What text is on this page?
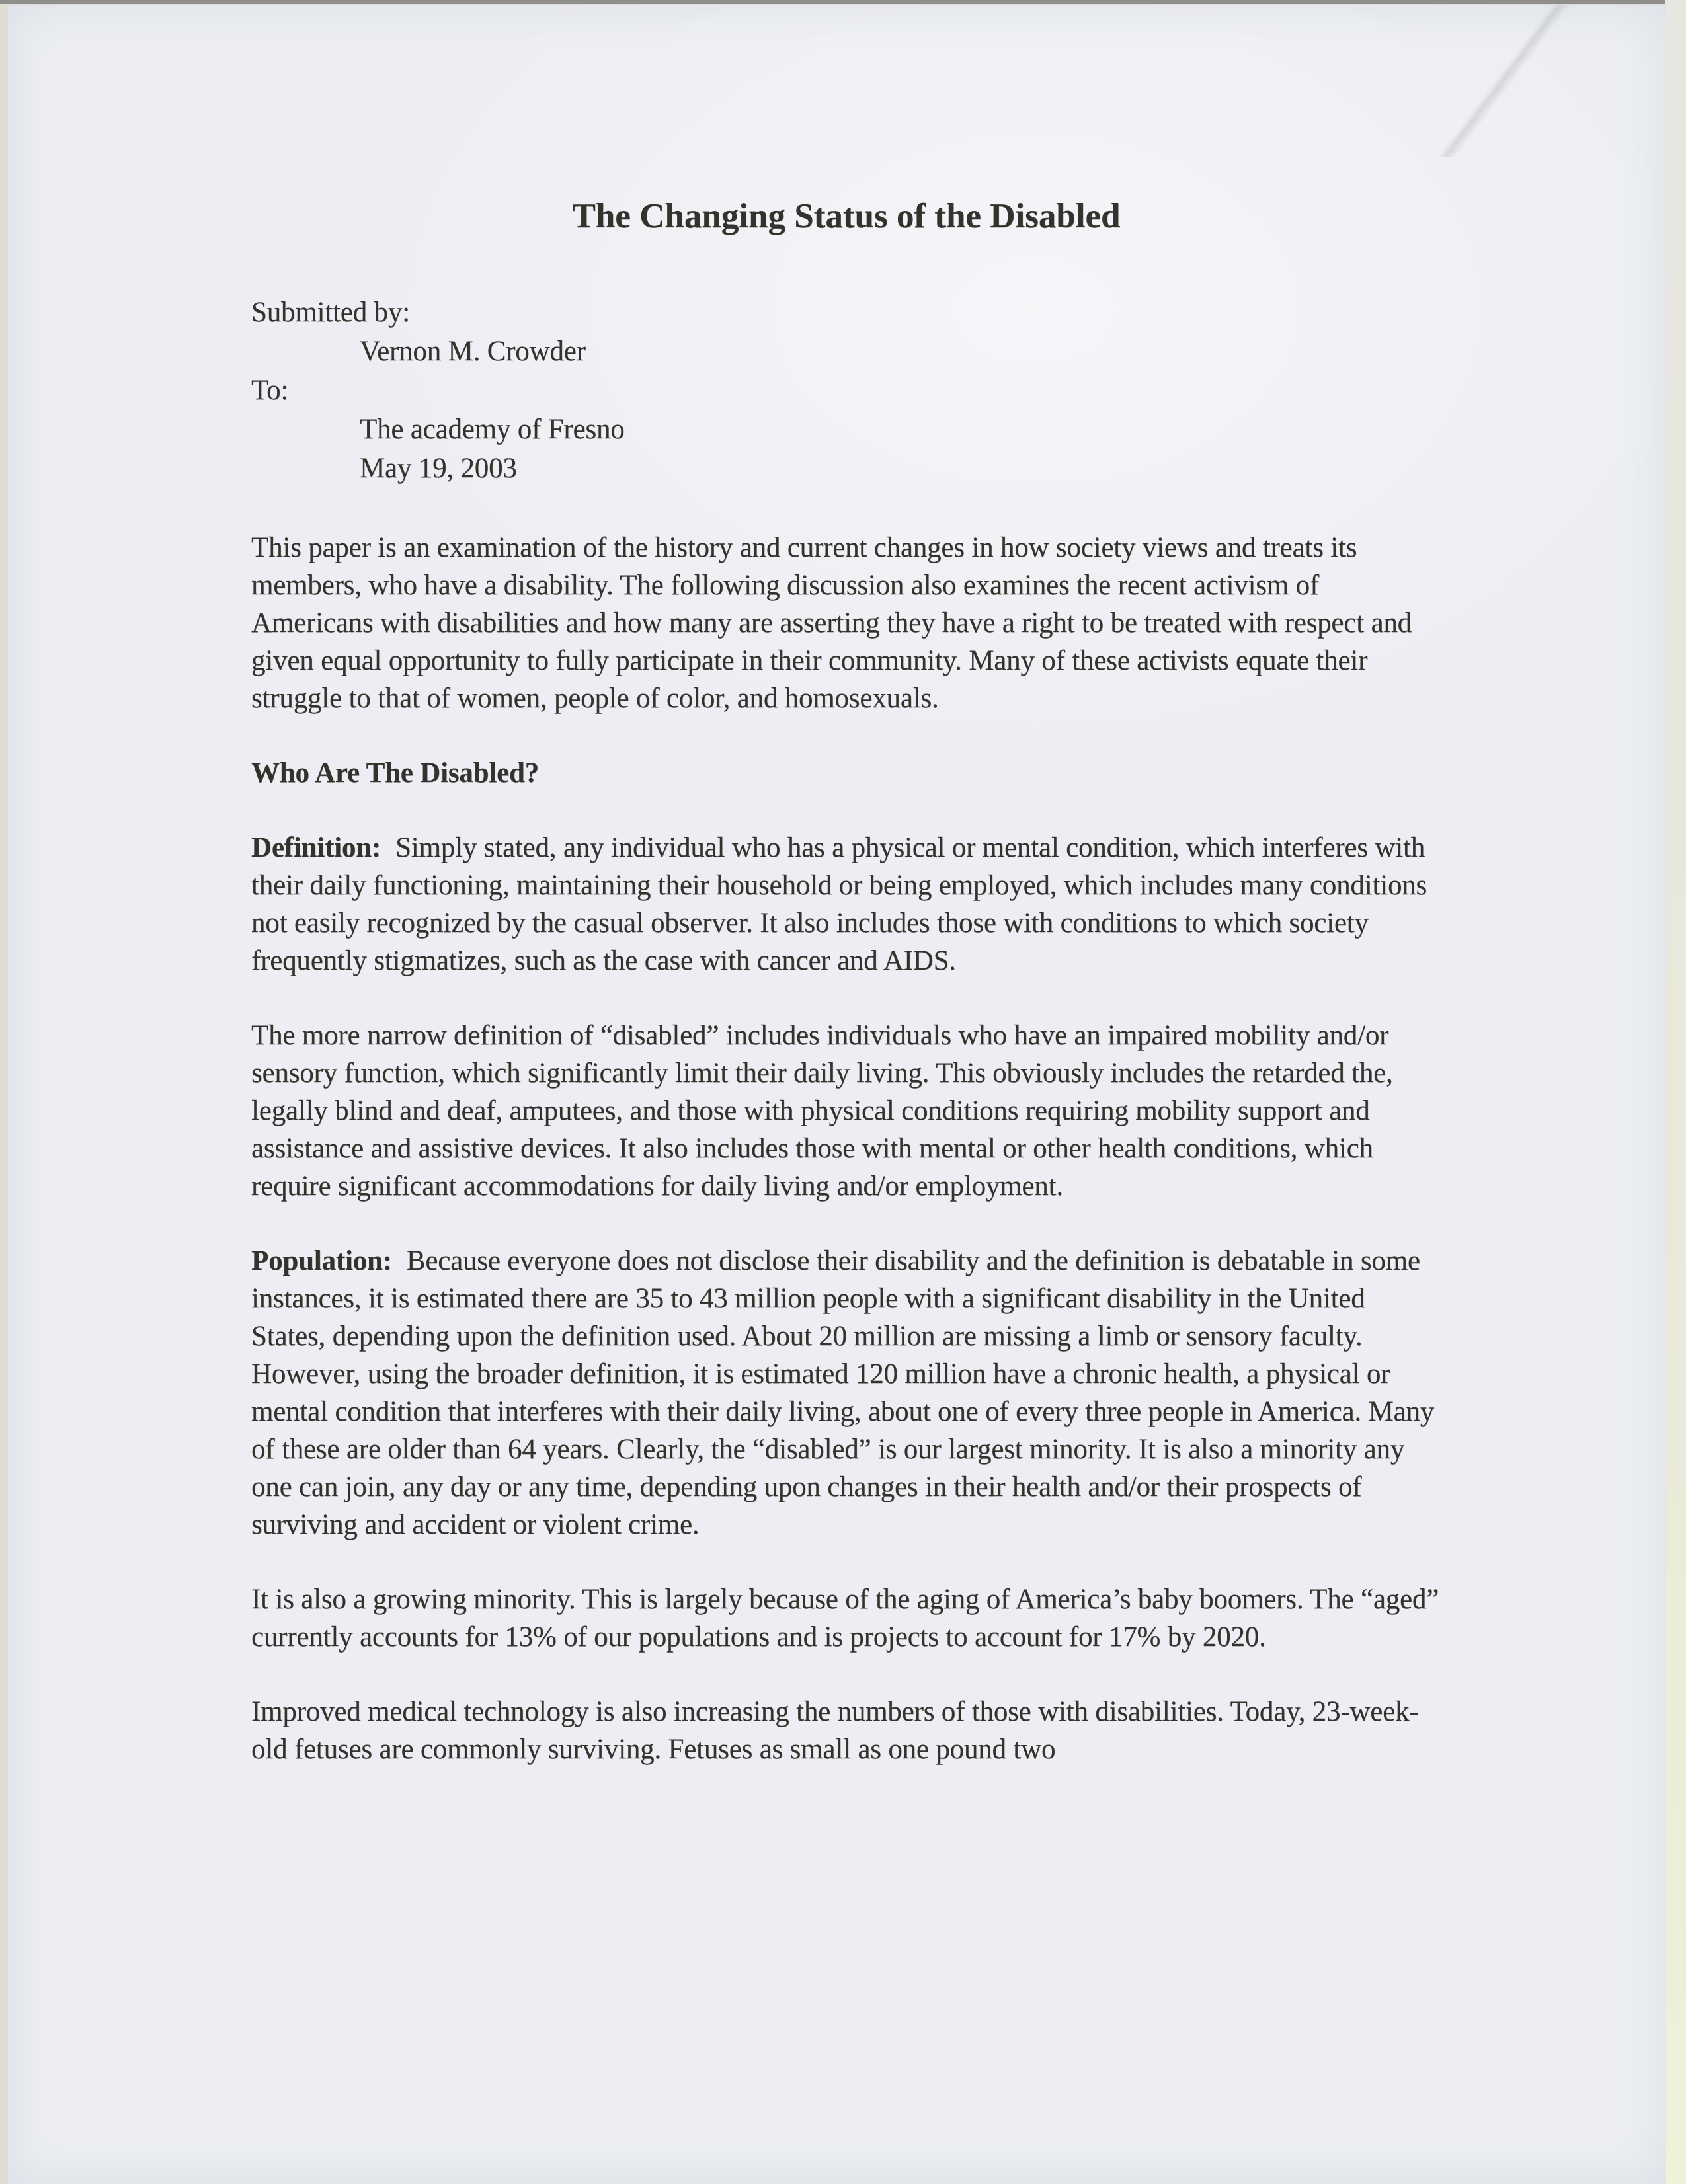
The Changing Status of the Disabled
Submitted by:
Vernon M. Crowder
To:
The academy of Fresno
May 19, 2003

This paper is an examination of the history and current changes in how society views and treats its members, who have a disability. The following discussion also examines the recent activism of Americans with disabilities and how many are asserting they have a right to be treated with respect and given equal opportunity to fully participate in their community. Many of these activists equate their struggle to that of women, people of color, and homosexuals.

Who Are The Disabled?

Definition: Simply stated, any individual who has a physical or mental condition, which interferes with their daily functioning, maintaining their household or being employed, which includes many conditions not easily recognized by the casual observer. It also includes those with conditions to which society frequently stigmatizes, such as the case with cancer and AIDS.

The more narrow definition of “disabled” includes individuals who have an impaired mobility and/or sensory function, which significantly limit their daily living. This obviously includes the retarded the, legally blind and deaf, amputees, and those with physical conditions requiring mobility support and assistance and assistive devices. It also includes those with mental or other health conditions, which require significant accommodations for daily living and/or employment.

Population: Because everyone does not disclose their disability and the definition is debatable in some instances, it is estimated there are 35 to 43 million people with a significant disability in the United States, depending upon the definition used. About 20 million are missing a limb or sensory faculty. However, using the broader definition, it is estimated 120 million have a chronic health, a physical or mental condition that interferes with their daily living, about one of every three people in America. Many of these are older than 64 years. Clearly, the “disabled” is our largest minority. It is also a minority any one can join, any day or any time, depending upon changes in their health and/or their prospects of surviving and accident or violent crime.

It is also a growing minority. This is largely because of the aging of America’s baby boomers. The “aged” currently accounts for 13% of our populations and is projects to account for 17% by 2020.

Improved medical technology is also increasing the numbers of those with disabilities. Today, 23-week-old fetuses are commonly surviving. Fetuses as small as one pound two
